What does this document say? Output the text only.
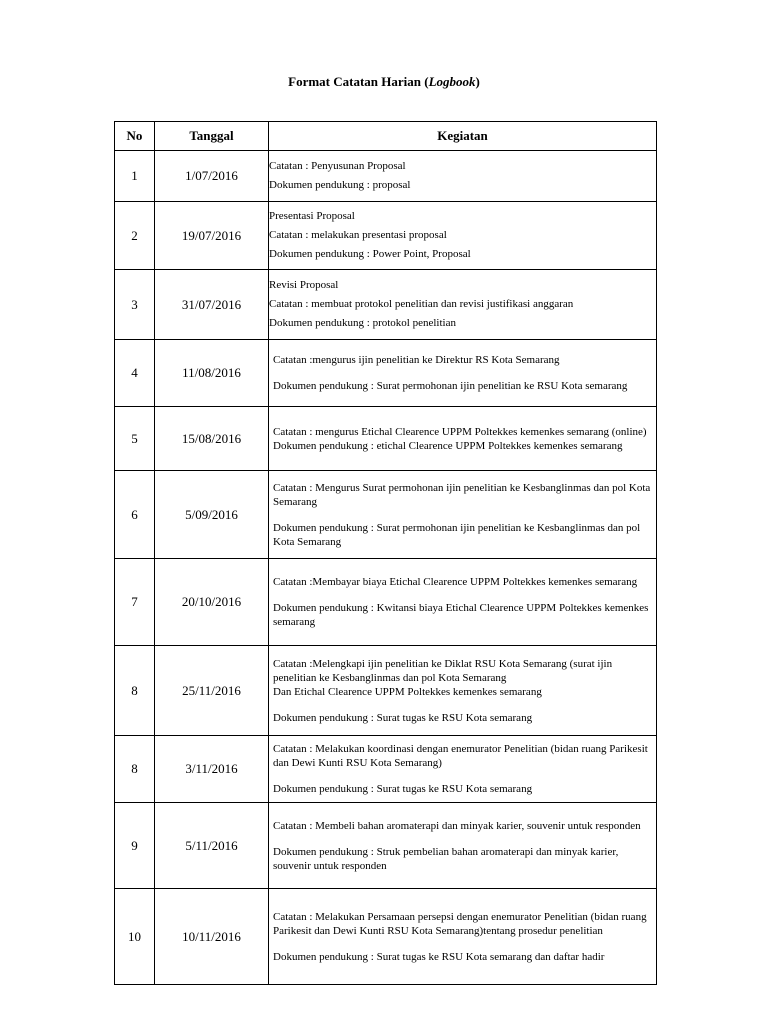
Format Catatan Harian (Logbook)
No	Tanggal	Kegiatan
1	1/07/2016	Catatan : Penyusunan Proposal
Dokumen pendukung : proposal

2	19/07/2016	Presentasi Proposal
Catatan : melakukan presentasi proposal
Dokumen pendukung : Power Point, Proposal

3	31/07/2016	Revisi Proposal
Catatan : membuat protokol penelitian dan revisi justifikasi anggaran
Dokumen pendukung : protokol penelitian

4	11/08/2016	Catatan :mengurus ijin penelitian ke Direktur RS Kota Semarang
Dokumen pendukung : Surat permohonan ijin penelitian ke RSU Kota semarang

5	15/08/2016	Catatan : mengurus Etichal Clearence UPPM Poltekkes kemenkes semarang (online)
Dokumen pendukung : etichal Clearence UPPM Poltekkes kemenkes semarang

6	5/09/2016	Catatan : Mengurus Surat permohonan ijin penelitian ke Kesbanglinmas dan pol Kota Semarang
Dokumen pendukung : Surat permohonan ijin penelitian ke Kesbanglinmas dan pol Kota Semarang

7	20/10/2016	Catatan :Membayar biaya Etichal Clearence UPPM Poltekkes kemenkes semarang
Dokumen pendukung : Kwitansi biaya Etichal Clearence UPPM Poltekkes kemenkes semarang

8	25/11/2016	Catatan :Melengkapi ijin penelitian ke Diklat RSU Kota Semarang (surat ijin penelitian ke Kesbanglinmas dan pol Kota Semarang
Dan Etichal Clearence UPPM Poltekkes kemenkes semarang
Dokumen pendukung : Surat tugas ke RSU Kota semarang

8	3/11/2016	Catatan : Melakukan koordinasi dengan enemurator Penelitian (bidan ruang Parikesit dan Dewi Kunti RSU Kota Semarang)
Dokumen pendukung : Surat tugas ke RSU Kota semarang

9	5/11/2016	Catatan : Membeli bahan aromaterapi dan minyak karier, souvenir untuk responden
Dokumen pendukung : Struk pembelian bahan aromaterapi dan minyak karier, souvenir untuk responden

10	10/11/2016	Catatan : Melakukan Persamaan persepsi dengan enemurator Penelitian (bidan ruang Parikesit dan Dewi Kunti RSU Kota Semarang)tentang prosedur penelitian
Dokumen pendukung : Surat tugas ke RSU Kota semarang dan daftar hadir
